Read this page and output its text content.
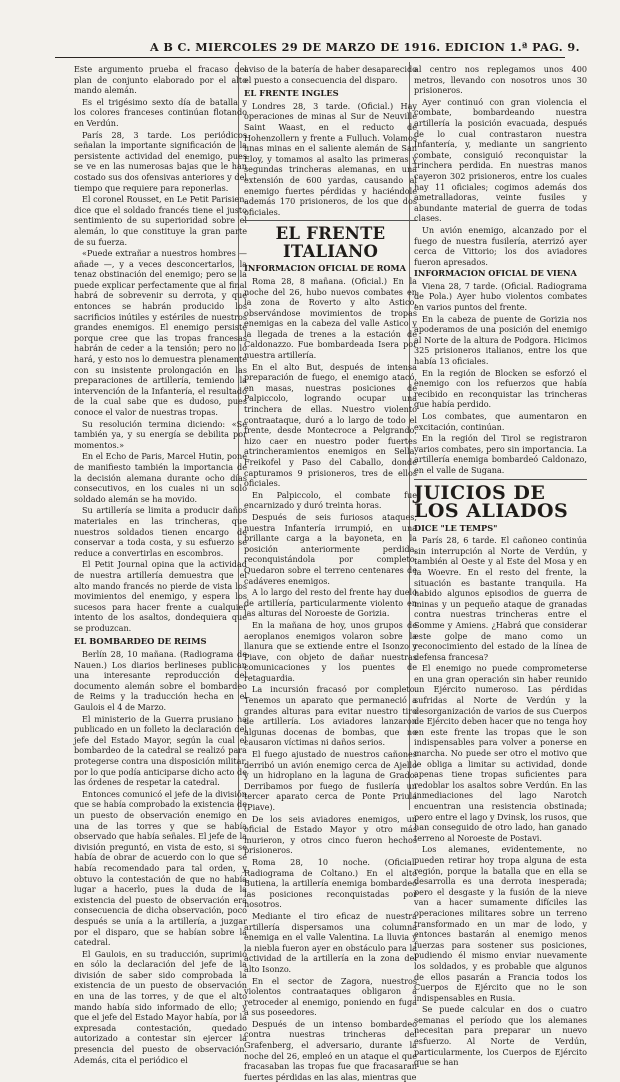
A B C. MIERCOLES 29 DE MARZO DE 1916. EDICION 1.ª PAG. 9.

Este argumento prueba el fracaso del plan de conjunto elaborado por el alto mando alemán.

Es el trigésimo sexto día de batalla y los colores franceses continúan flotando en Verdún.

París 28, 3 tarde. Los periódicos señalan la importante significación de la persistente actividad del enemigo, pues se ve en las numerosas bajas que le han costado sus dos ofensivas anteriores y del tiempo que requiere para reponerlas.

El coronel Rousset, en Le Petit Parisien, dice que el soldado francés tiene el justo sentimiento de su superioridad sobre el alemán, lo que constituye la gran parte de su fuerza.

«Puede extrañar a nuestros hombres — añade —, y a veces desconcertarlos, la tenaz obstinación del enemigo; pero se la puede explicar perfectamente que al final habrá de sobrevenir su derrota, y que entonces se habrán producido los sacrificios inútiles y estériles de nuestros grandes enemigos. El enemigo persiste porque cree que las tropas francesas habrán de ceder a la tensión; pero no lo hará, y esto nos lo demuestra plenamente con su insistente prolongación en las preparaciones de artillería, temiendo la intervención de la Infantería, el resultado de la cual sabe que es dudoso, pues conoce el valor de nuestras tropas.

Su resolución termina diciendo: «Se también ya, y su energía se debilita por momentos.»

En el Echo de Paris, Marcel Hutin, pone de manifiesto también la importancia de la decisión alemana durante ocho días consecutivos, en los cuales ni un solo soldado alemán se ha movido.

Su artillería se limita a producir daños materiales en las trincheras, que nuestros soldados tienen encargo de conservar a toda costa, y su esfuerzo se reduce a convertirlas en escombros.

El Petit Journal opina que la actividad de nuestra artillería demuestra que el alto mando francés no pierde de vista los movimientos del enemigo, y espera los sucesos para hacer frente a cualquier intento de los asaltos, dondequiera que se produzcan.

EL BOMBARDEO DE REIMS

Berlín 28, 10 mañana. (Radiograma de Nauen.) Los diarios berlineses publican una interesante reproducción del documento alemán sobre el bombardeo de Reims y la traducción hecha en el Gaulois el 4 de Marzo.

El ministerio de la Guerra prusiano ha publicado en un folleto la declaración del jefe del Estado Mayor, según la cual el bombardeo de la catedral se realizó para protegerse contra una disposición militar, por lo que podía anticiparse dicho acto de las órdenes de respetar la catedral.

Entonces comunicó el jefe de la división que se había comprobado la existencia de un puesto de observación enemigo en una de las torres y que se había observado que había señales. El jefe de la división preguntó, en vista de esto, si se había de obrar de acuerdo con lo que se había recomendado para tal orden, y obtuvo la contestación de que no había lugar a hacerlo, pues la duda de la existencia del puesto de observación era consecuencia de dicha observación, poco después se unía a la artillería, a juzgar por el disparo, que se habían sobre la catedral.

El Gaulois, en su traducción, suprimió en sólo la declaración del jefe de la división de saber sido comprobada la existencia de un puesto de observación en una de las torres, y de que el alto mando había sido informado de ello; y que el jefe del Estado Mayor había, por la expresada contestación, quedado autorizado a contestar sin ejercer la presencia del puesto de observación. Además, cita el periódico el

aviso de la batería de haber desaparecido el puesto a consecuencia del disparo.

EL FRENTE INGLES

Londres 28, 3 tarde. (Oficial.) Hay operaciones de minas al Sur de Neuville Saint Waast, en el reducto de Hohenzollern y frente a Fulluch. Volamos unas minas en el saliente alemán de San Eloy, y tomamos al asalto las primeras y segundas trincheras alemanas, en una extensión de 600 yardas, causando al enemigo fuertes pérdidas y haciéndole además 170 prisioneros, de los que dos oficiales.

EL FRENTE ITALIANO
INFORMACION OFICIAL DE ROMA

Roma 28, 8 mañana. (Oficial.) En la noche del 26, hubo nuevos combates en la zona de Roverto y alto Astico, observándose movimientos de tropas enemigas en la cabeza del valle Astico y la llegada de trenes a la estación de Caldonazzo. Fue bombardeada Isera por nuestra artillería.

En el alto But, después de intensa preparación de fuego, el enemigo atacó, en masas, nuestras posiciones de Palpiccolo, logrando ocupar una trinchera de ellas. Nuestro violento contraataque, duró a lo largo de todo el frente, desde Montecroce a Pelgrando, hizo caer en nuestro poder fuertes atrincheramientos enemigos en Sella, Freikofel y Paso del Caballo, donde capturamos 9 prisioneros, tres de ellos oficiales.

En Palpiccolo, el combate fue encarnizado y duró treinta horas.

Después de seis furiosos ataques, nuestra Infantería irrumpió, en una brillante carga a la bayoneta, en la posición anteriormente perdida, reconquistándola por completo. Quedaron sobre el terreno centenares de cadáveres enemigos.

A lo largo del resto del frente hay duelo de artillería, particularmente violento en las alturas del Noroeste de Gorizia.

En la mañana de hoy, unos grupos de aeroplanos enemigos volaron sobre la llanura que se extiende entre el Isonzo y Piave, con objeto de dañar nuestras comunicaciones y los puentes de retaguardia.

La incursión fracasó por completo. Tenemos un aparato que permaneció a grandes alturas para evitar nuestro tiro de artillería. Los aviadores lanzaron algunas docenas de bombas, que no causaron víctimas ni daños serios.

El fuego ajustado de nuestros cañones derribó un avión enemigo cerca de Ajello y un hidroplano en la laguna de Grado. Derribamos por fuego de fusilería un tercer aparato cerca de Ponte Priula (Piave).

De los seis aviadores enemigos, un oficial de Estado Mayor y otro más murieron, y otros cinco fueron hechos prisioneros.

Roma 28, 10 noche. (Oficial. Radiograma de Coltano.) En el alto Butiena, la artillería enemiga bombardeó las posiciones reconquistadas por nosotros.

Mediante el tiro eficaz de nuestra artillería dispersamos una columna enemiga en el valle Valentina. La lluvia y la niebla fueron ayer en obstáculo para la actividad de la artillería en la zona del alto Isonzo.

En el sector de Zagora, nuestros violentos contraataques obligaron a retroceder al enemigo, poniendo en fuga a sus poseedores.

Después de un intenso bombardeo contra nuestras trincheras del Grafenberg, el adversario, durante la noche del 26, empleó en un ataque el que fracasaban las tropas fue que fracasaran fuertes pérdidas en las alas, mientras que

al centro nos replegamos unos 400 metros, llevando con nosotros unos 30 prisioneros.

Ayer continuó con gran violencia el combate, bombardeando nuestra artillería la posición evacuada, después de lo cual contrastaron nuestra Infantería, y, mediante un sangriento combate, consiguió reconquistar la trinchera perdida. En nuestras manos cayeron 302 prisioneros, entre los cuales hay 11 oficiales; cogimos además dos ametralladoras, veinte fusiles y abundante material de guerra de todas clases.

Un avión enemigo, alcanzado por el fuego de nuestra fusilería, aterrizó ayer cerca de Vittorio; los dos aviadores fueron apresados.

INFORMACION OFICIAL DE VIENA

Viena 28, 7 tarde. (Oficial. Radiograma de Pola.) Ayer hubo violentos combates en varios puntos del frente.

En la cabeza de puente de Gorizia nos apoderamos de una posición del enemigo al Norte de la altura de Podgora. Hicimos 325 prisioneros italianos, entre los que había 13 oficiales.

En la región de Blocken se esforzó el enemigo con los refuerzos que había recibido en reconquistar las trincheras que había perdido.

Los combates, que aumentaron en excitación, continúan.

En la región del Tirol se registraron varios combates, pero sin importancia. La artillería enemiga bombardeó Caldonazo, en el valle de Sugana.

JUICIOS DE LOS ALIADOS
DICE "LE TEMPS"

París 28, 6 tarde. El cañoneo continúa sin interrupción al Norte de Verdún, y también al Oeste y al Este del Mosa y en la Woevre. En el resto del frente, la situación es bastante tranquila. Ha habido algunos episodios de guerra de minas y un pequeño ataque de granadas contra nuestras trincheras entre el Somme y Amiens. ¿Habrá que considerar este golpe de mano como un reconocimiento del estado de la línea de defensa francesa?

El enemigo no puede comprometerse en una gran operación sin haber reunido un Ejército numeroso. Las pérdidas sufridas al Norte de Verdún y la desorganización de varios de sus Cuerpos de Ejército deben hacer que no tenga hoy en este frente las tropas que le son indispensables para volver a ponerse en marcha. No puede ser otro el motivo que le obliga a limitar su actividad, donde apenas tiene tropas suficientes para redoblar los asaltos sobre Verdún. En las inmediaciones del lago Narotch encuentran una resistencia obstinada; pero entre el lago y Dvinsk, los rusos, que han conseguido de otro lado, han ganado terreno al Noroeste de Postavi.

Los alemanes, evidentemente, no pueden retirar hoy tropa alguna de esta región, porque la batalla que en ella se desarrolla es una derrota inesperada; pero el desgaste y la fusión de la nieve van a hacer sumamente difíciles las operaciones militares sobre un terreno transformado en un mar de lodo, y entonces bastarán al enemigo menos fuerzas para sostener sus posiciones, pudiendo él mismo enviar nuevamente los soldados, y es probable que algunos de ellos pasarán a Francia todos los Cuerpos de Ejército que no le son indispensables en Rusia.

Se puede calcular en dos o cuatro semanas el período que los alemanes necesitan para preparar un nuevo esfuerzo. Al Norte de Verdún, particularmente, los Cuerpos de Ejército que se han
